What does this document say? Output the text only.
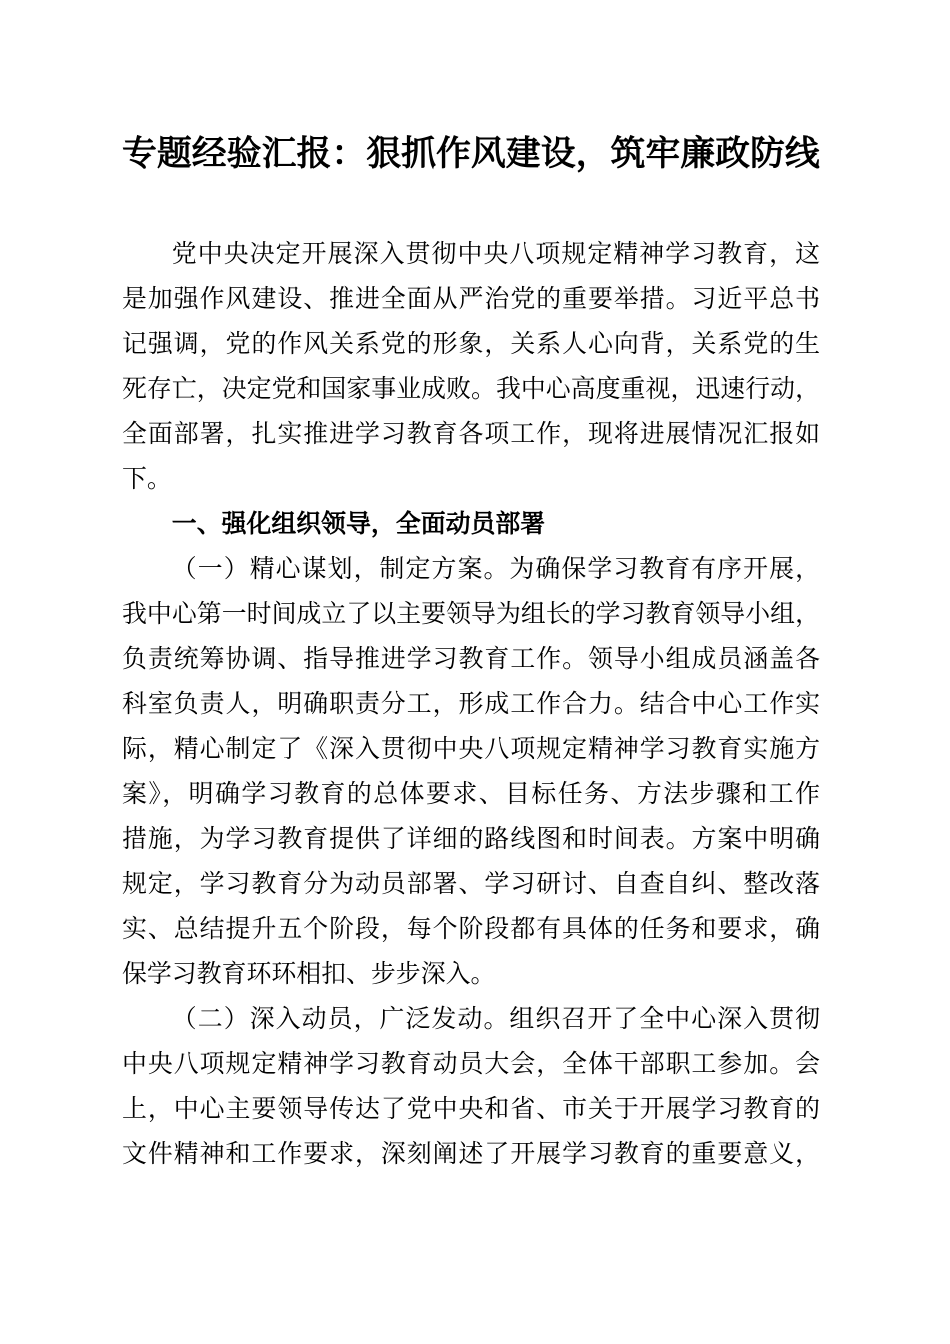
专题经验汇报：狠抓作风建设，筑牢廉政防线
党中央决定开展深入贯彻中央八项规定精神学习教育，这
是加强作风建设、推进全面从严治党的重要举措。习近平总书
记强调，党的作风关系党的形象，关系人心向背，关系党的生
死存亡，决定党和国家事业成败。我中心高度重视，迅速行动，
全面部署，扎实推进学习教育各项工作，现将进展情况汇报如
下。
一、强化组织领导，全面动员部署
（一）精心谋划，制定方案。为确保学习教育有序开展，
我中心第一时间成立了以主要领导为组长的学习教育领导小组，
负责统筹协调、指导推进学习教育工作。领导小组成员涵盖各
科室负责人，明确职责分工，形成工作合力。结合中心工作实
际，精心制定了《深入贯彻中央八项规定精神学习教育实施方
案》，明确学习教育的总体要求、目标任务、方法步骤和工作
措施，为学习教育提供了详细的路线图和时间表。方案中明确
规定，学习教育分为动员部署、学习研讨、自查自纠、整改落
实、总结提升五个阶段，每个阶段都有具体的任务和要求，确
保学习教育环环相扣、步步深入。
（二）深入动员，广泛发动。组织召开了全中心深入贯彻
中央八项规定精神学习教育动员大会，全体干部职工参加。会
上，中心主要领导传达了党中央和省、市关于开展学习教育的
文件精神和工作要求，深刻阐述了开展学习教育的重要意义，
